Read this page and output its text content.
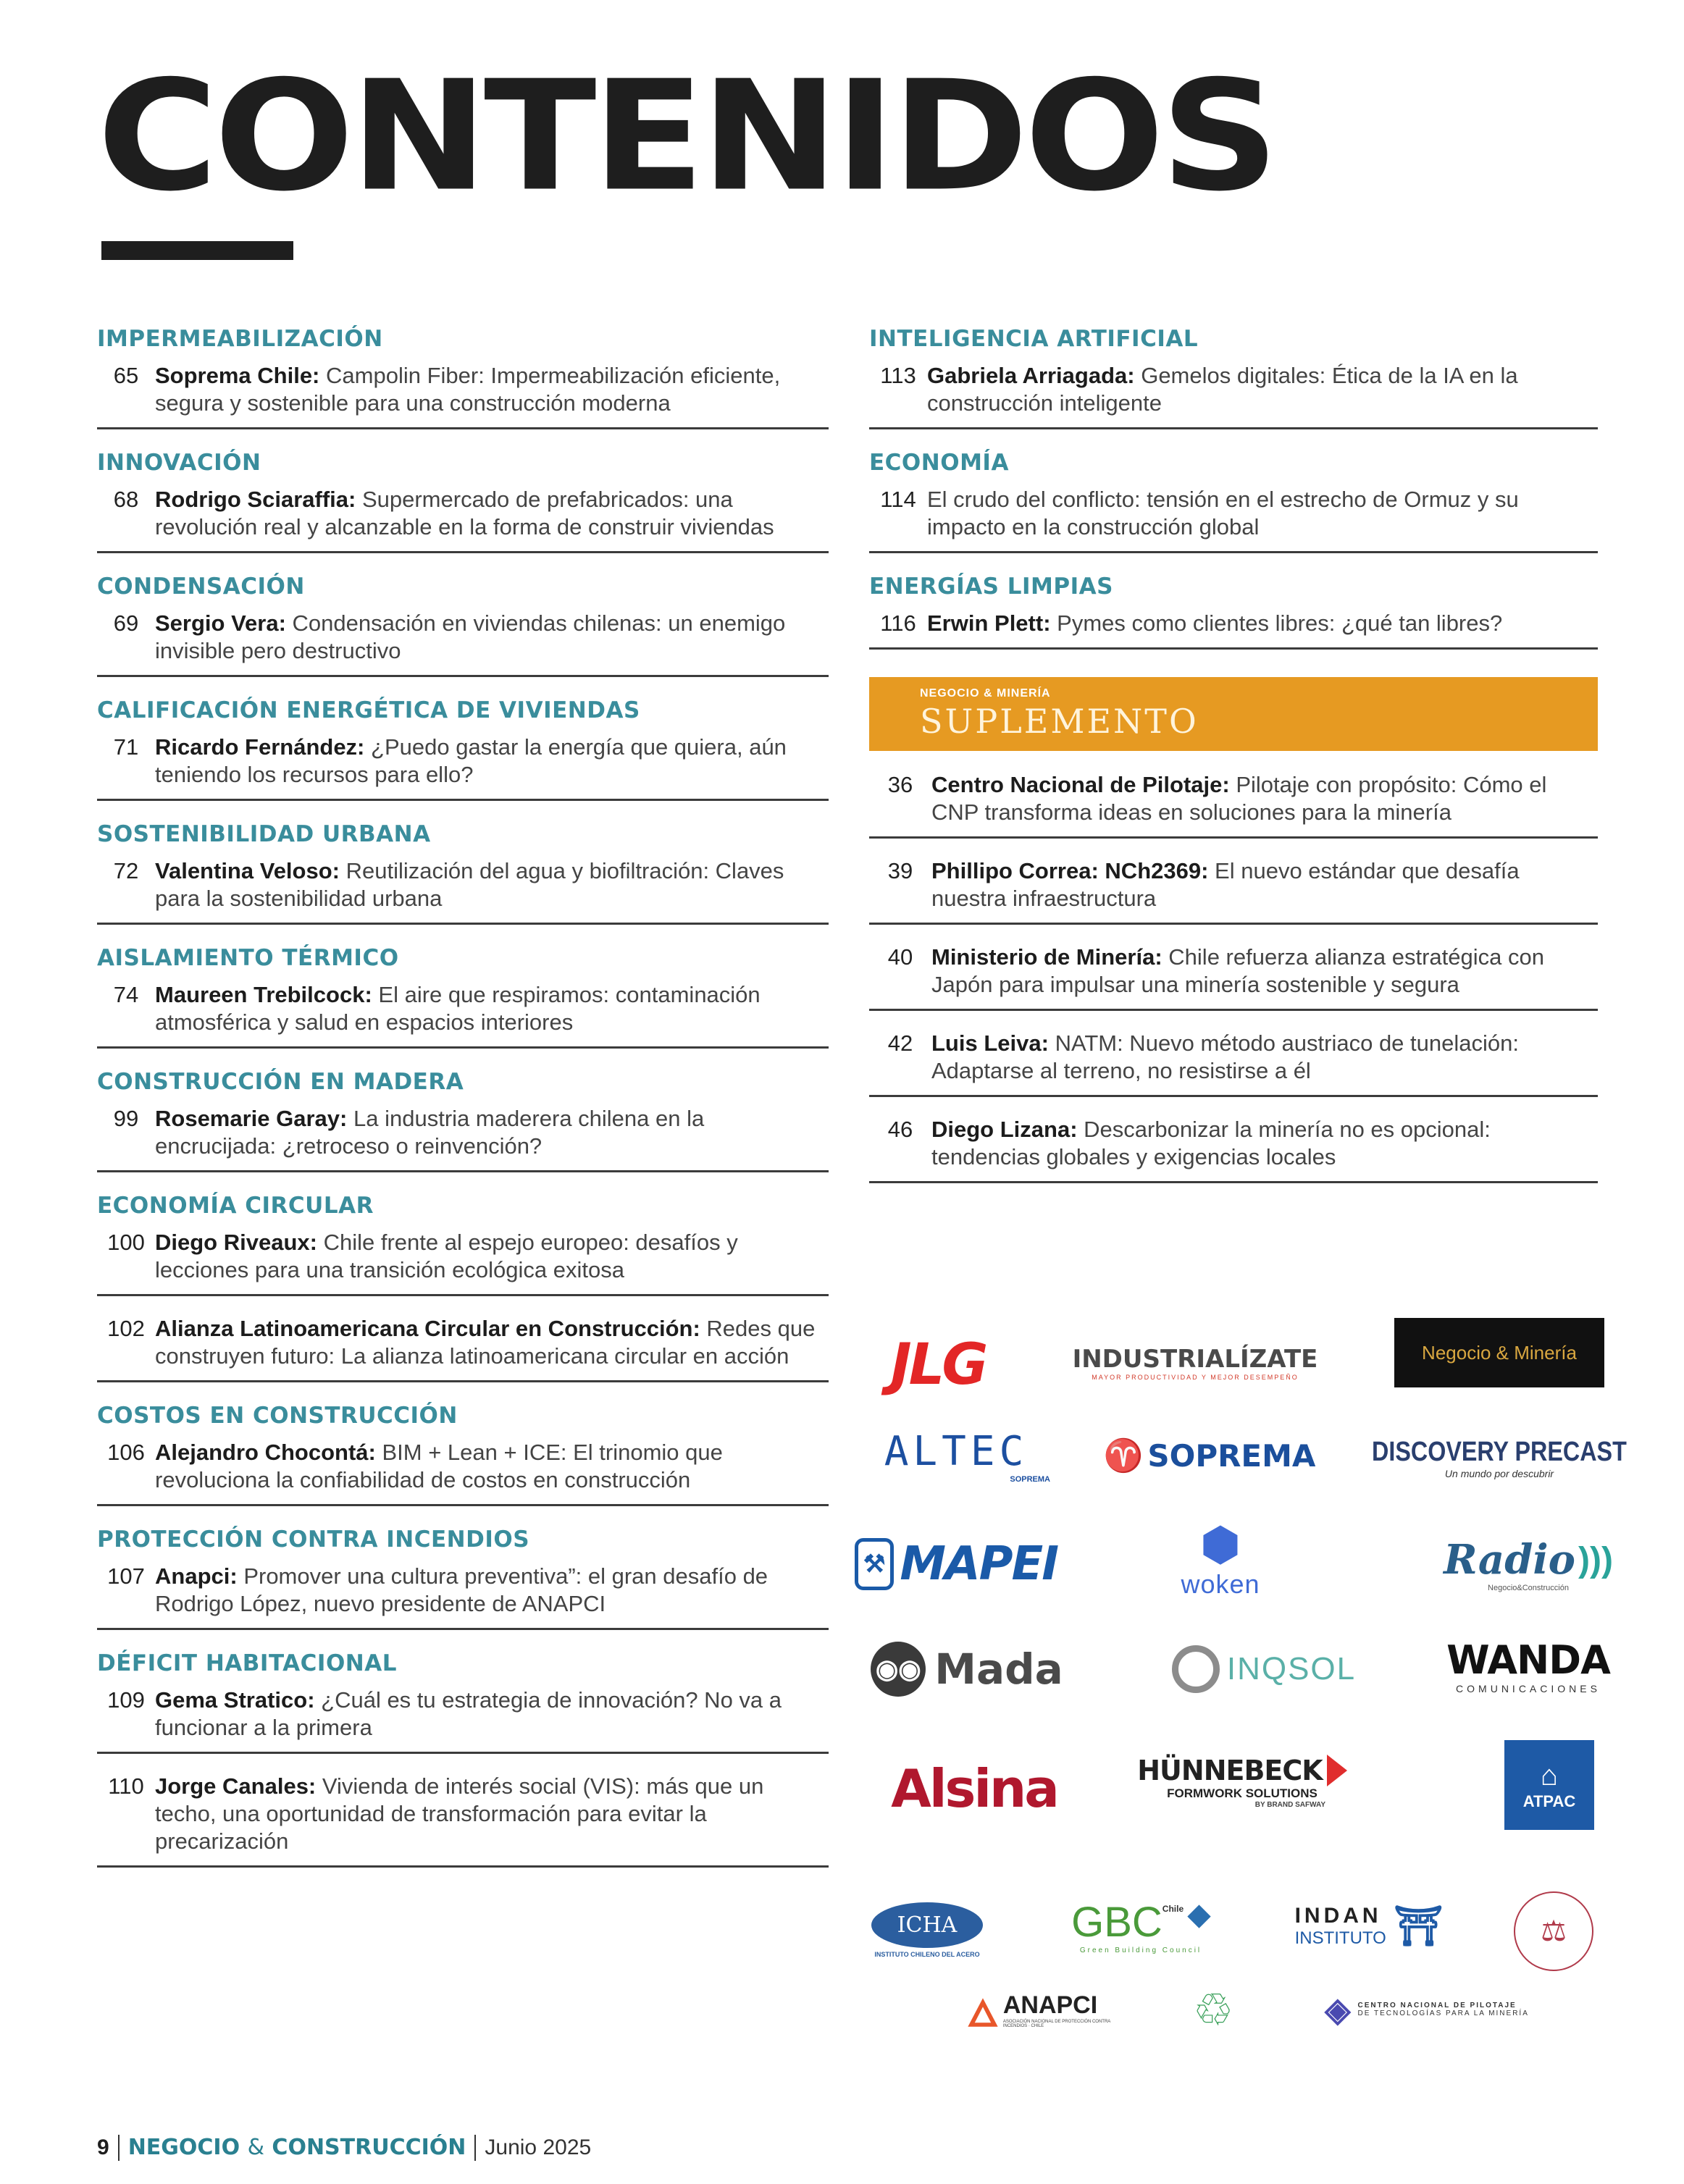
CONTENIDOS
IMPERMEABILIZACIÓN
65 Soprema Chile: Campolin Fiber: Impermeabilización eficiente, segura y sostenible para una construcción moderna
INNOVACIÓN
68 Rodrigo Sciaraffia: Supermercado de prefabricados: una revolución real y alcanzable en la forma de construir viviendas
CONDENSACIÓN
69 Sergio Vera: Condensación en viviendas chilenas: un enemigo invisible pero destructivo
CALIFICACIÓN ENERGÉTICA DE VIVIENDAS
71 Ricardo Fernández: ¿Puedo gastar la energía que quiera, aún teniendo los recursos para ello?
SOSTENIBILIDAD URBANA
72 Valentina Veloso: Reutilización del agua y biofiltración: Claves para la sostenibilidad urbana
AISLAMIENTO TÉRMICO
74 Maureen Trebilcock: El aire que respiramos: contaminación atmosférica y salud en espacios interiores
CONSTRUCCIÓN EN MADERA
99 Rosemarie Garay: La industria maderera chilena en la encrucijada: ¿retroceso o reinvención?
ECONOMÍA CIRCULAR
100 Diego Riveaux: Chile frente al espejo europeo: desafíos y lecciones para una transición ecológica exitosa
102 Alianza Latinoamericana Circular en Construcción: Redes que construyen futuro: La alianza latinoamericana circular en acción
COSTOS EN CONSTRUCCIÓN
106 Alejandro Chocontá: BIM + Lean + ICE: El trinomio que revoluciona la confiabilidad de costos en construcción
PROTECCIÓN CONTRA INCENDIOS
107 Anapci: Promover una cultura preventiva”: el gran desafío de Rodrigo López, nuevo presidente de ANAPCI
DÉFICIT HABITACIONAL
109 Gema Stratico: ¿Cuál es tu estrategia de innovación? No va a funcionar a la primera
110 Jorge Canales: Vivienda de interés social (VIS): más que un techo, una oportunidad de transformación para evitar la precarización
INTELIGENCIA ARTIFICIAL
113 Gabriela Arriagada: Gemelos digitales: Ética de la IA en la construcción inteligente
ECONOMÍA
114 El crudo del conflicto: tensión en el estrecho de Ormuz y su impacto en la construcción global
ENERGÍAS LIMPIAS
116 Erwin Plett: Pymes como clientes libres: ¿qué tan libres?
NEGOCIO & MINERÍA
SUPLEMENTO
36 Centro Nacional de Pilotaje: Pilotaje con propósito: Cómo el CNP transforma ideas en soluciones para la minería
39 Phillipo Correa: NCh2369: El nuevo estándar que desafía nuestra infraestructura
40 Ministerio de Minería: Chile refuerza alianza estratégica con Japón para impulsar una minería sostenible y segura
42 Luis Leiva: NATM: Nuevo método austriaco de tunelación: Adaptarse al terreno, no resistirse a él
46 Diego Lizana: Descarbonizar la minería no es opcional: tendencias globales y exigencias locales
JLG	INDUSTRIALÍZATE
MAYOR PRODUCTIVIDAD Y MEJOR DESEMPEÑO
Negocio & Minería
ALTEC
SOPREMA
♈ SOPREMA DISCOVERY PRECAST
Un mundo por descubrir
⚒ MAPEI	⬢
woken
Radio )))
Negocio&Construcción
◉◉ Mada	INQSOL WANDA
COMUNICACIONES
Alsina	HÜNNEBECK
FORMWORK SOLUTIONS
BY BRAND SAFWAY
⌂
ATPAC
ICHA
INSTITUTO CHILENO DEL ACERO
GBC Chile ◆
Green Building Council
INDAN
INSTITUTO ⛩	⚖
🜂 ANAPCI
ASOCIACIÓN NACIONAL DE PROTECCIÓN CONTRA INCENDIOS · CHILE	♲	◈ CENTRO NACIONAL DE PILOTAJE
DE TECNOLOGÍAS PARA LA MINERÍA
9 NEGOCIO & CONSTRUCCIÓN Junio 2025
